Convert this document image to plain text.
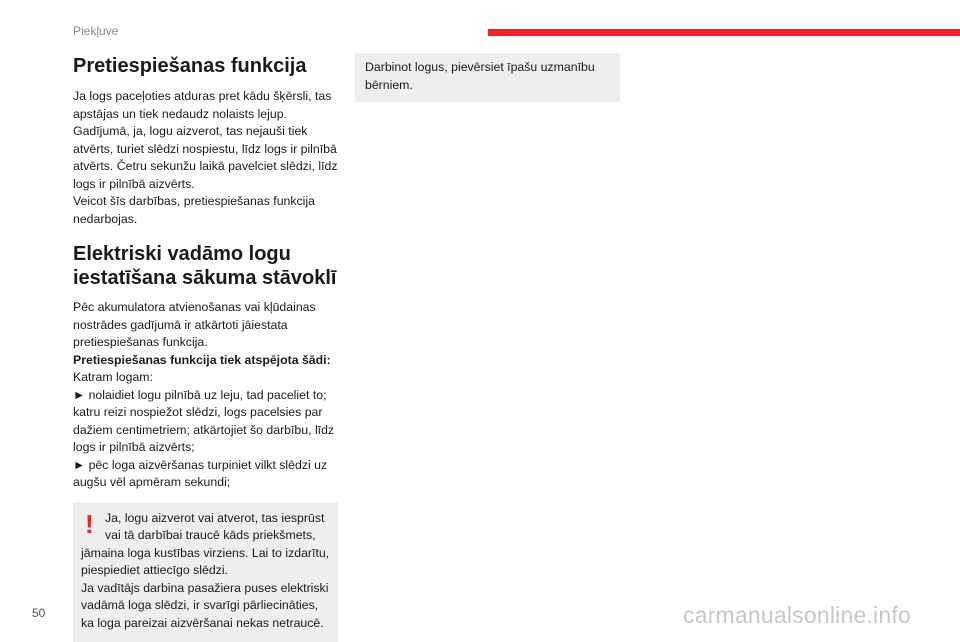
Piekļuve
Pretiespiešanas funkcija
Ja logs paceļoties atduras pret kādu šķērsli, tas
apstājas un tiek nedaudz nolaists lejup.
Gadījumā, ja, logu aizverot, tas nejauši tiek
atvērts, turiet slēdzi nospiestu, līdz logs ir pilnībā
atvērts. Četru sekunžu laikā pavelciet slēdzi, līdz
logs ir pilnībā aizvērts.
Veicot šīs darbības, pretiespiešanas funkcija
nedarbojas.
Elektriski vadāmo logu
iestatīšana sākuma stāvoklī
Pēc akumulatora atvienošanas vai kļūdainas
nostrādes gadījumā ir atkārtoti jāiestata
pretiespiešanas funkcija.
Pretiespiešanas funkcija tiek atspējota šādi:
Katram logam:
► nolaidiet logu pilnībā uz leju, tad paceliet to;
katru reizi nospiežot slēdzi, logs pacelsies par
dažiem centimetriem; atkārtojiet šo darbību, līdz
logs ir pilnībā aizvērts;
► pēc loga aizvēršanas turpiniet vilkt slēdzi uz
augšu vēl apmēram sekundi;
! Ja, logu aizverot vai atverot, tas iesprūst
vai tā darbībai traucē kāds priekšmets,
jāmaina loga kustības virziens. Lai to izdarītu,
piespiediet attiecīgo slēdzi.
Ja vadītājs darbina pasažiera puses elektriski
vadāmā loga slēdzi, ir svarīgi pārliecināties,
ka loga pareizai aizvēršanai nekas netraucē.
Darbinot logus, pievērsiet īpašu uzmanību
bērniem.
50	carmanualsonline.info
